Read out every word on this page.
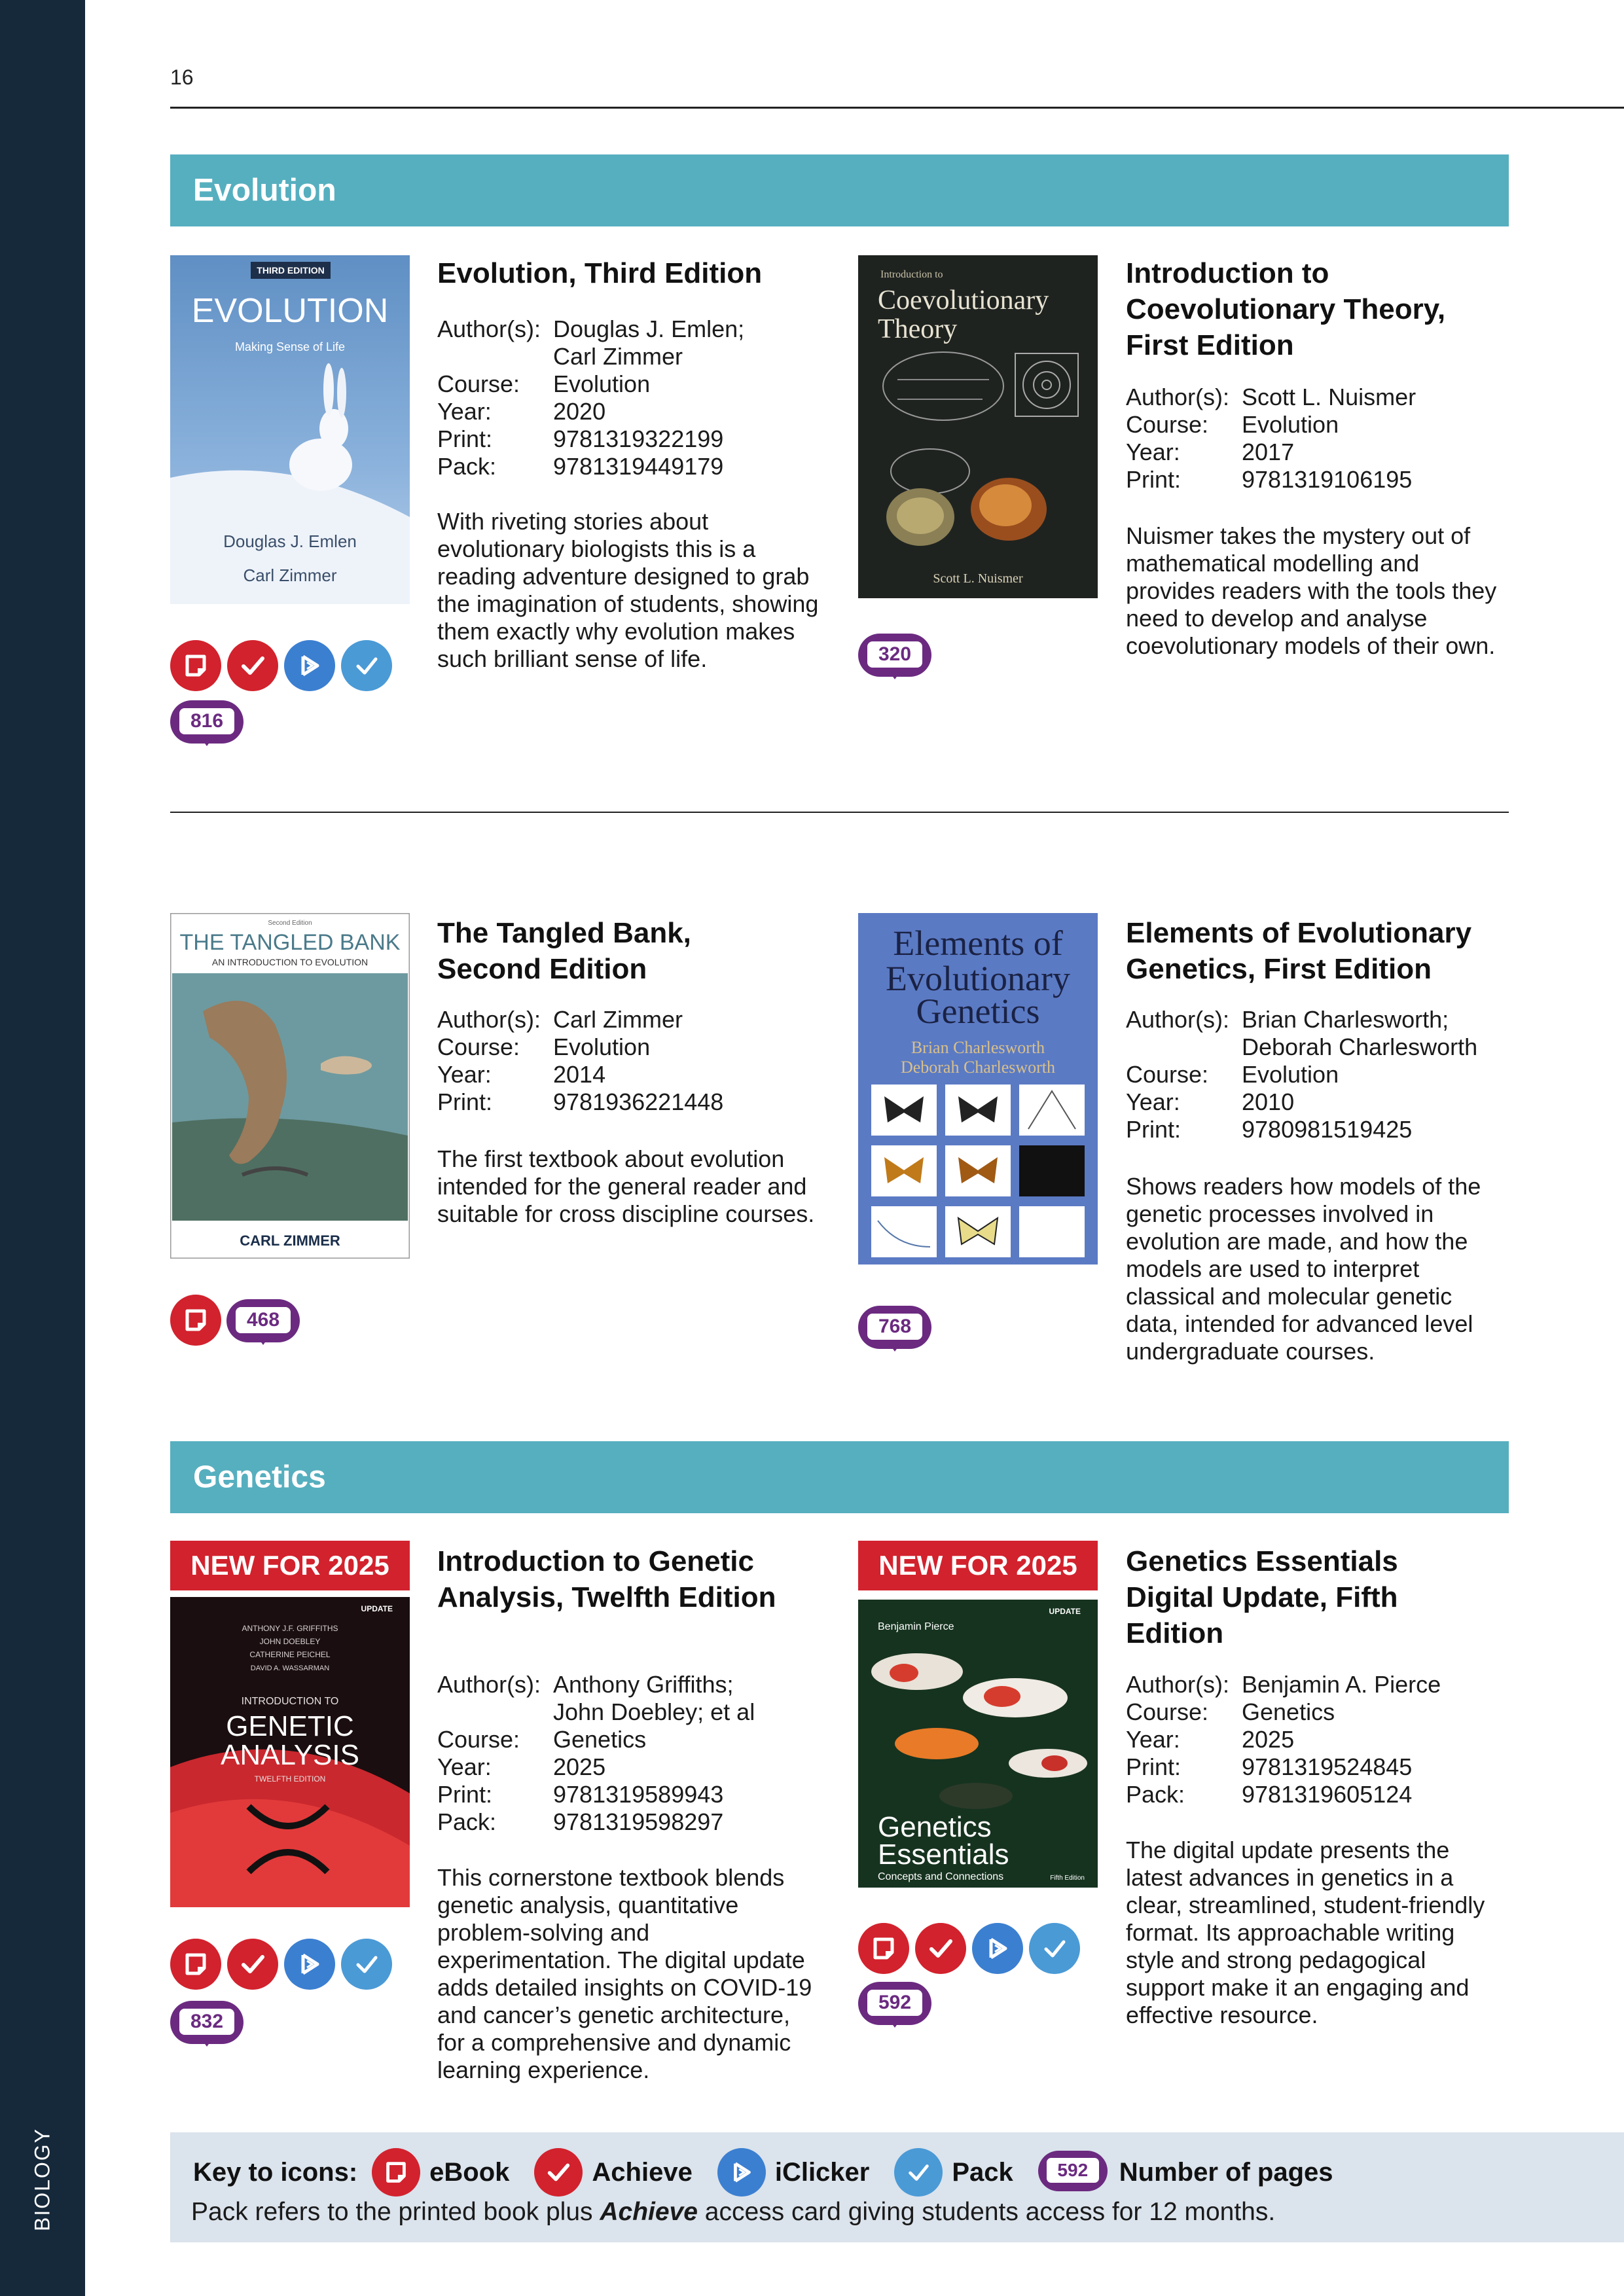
BIOLOGY
16
Evolution
THIRD EDITION
EVOLUTION
Making Sense of Life
Douglas J. Emlen
Carl Zimmer
816
Evolution, Third Edition
Author(s): Douglas J. Emlen;
Carl Zimmer
Course:	Evolution
Year:	2020
Print:	9781319322199
Pack:	9781319449179
With riveting stories about evolutionary biologists this is a reading adventure designed to grab the imagination of students, showing them exactly why evolution makes such brilliant sense of life.
Introduction to
Coevolutionary
Theory
Scott L. Nuismer
320
Introduction to Coevolutionary Theory, First Edition
Author(s): Scott L. Nuismer
Course:	Evolution
Year:	2017
Print:	9781319106195
Nuismer takes the mystery out of mathematical modelling and provides readers with the tools they need to develop and analyse coevolutionary models of their own.
Second Edition
THE TANGLED BANK
AN INTRODUCTION TO EVOLUTION
CARL ZIMMER
468
The Tangled Bank, Second Edition
Author(s): Carl Zimmer
Course:	Evolution
Year:	2014
Print:	9781936221448
The first textbook about evolution intended for the general reader and suitable for cross discipline courses.
Elements of
Evolutionary
Genetics
Brian Charlesworth
Deborah Charlesworth
768
Elements of Evolutionary Genetics, First Edition
Author(s): Brian Charlesworth;
Deborah Charlesworth
Course:	Evolution
Year:	2010
Print:	9780981519425
Shows readers how models of the genetic processes involved in evolution are made, and how the models are used to interpret classical and molecular genetic data, intended for advanced level undergraduate courses.
Genetics
NEW FOR 2025
UPDATE
ANTHONY J.F. GRIFFITHS
JOHN DOEBLEY
CATHERINE PEICHEL
DAVID A. WASSARMAN
INTRODUCTION TO
GENETIC
ANALYSIS
TWELFTH EDITION
832
Introduction to Genetic Analysis, Twelfth Edition
Author(s): Anthony Griffiths;
John Doebley; et al
Course:	Genetics
Year:	2025
Print:	9781319589943
Pack:	9781319598297
This cornerstone textbook blends genetic analysis, quantitative problem-solving and experimentation. The digital update adds detailed insights on COVID-19 and cancer’s genetic architecture, for a comprehensive and dynamic learning experience.
NEW FOR 2025
UPDATE
Benjamin Pierce
Genetics
Essentials
Concepts and Connections	Fifth Edition
592
Genetics Essentials Digital Update, Fifth Edition
Author(s): Benjamin A. Pierce
Course:	Genetics
Year:	2025
Print:	9781319524845
Pack:	9781319605124
The digital update presents the latest advances in genetics in a clear, streamlined, student-friendly format. Its approachable writing style and strong pedagogical support make it an engaging and effective resource.
Key to icons:	eBook	Achieve	iClicker	Pack	592	Number of pages
Pack refers to the printed book plus Achieve access card giving students access for 12 months.
